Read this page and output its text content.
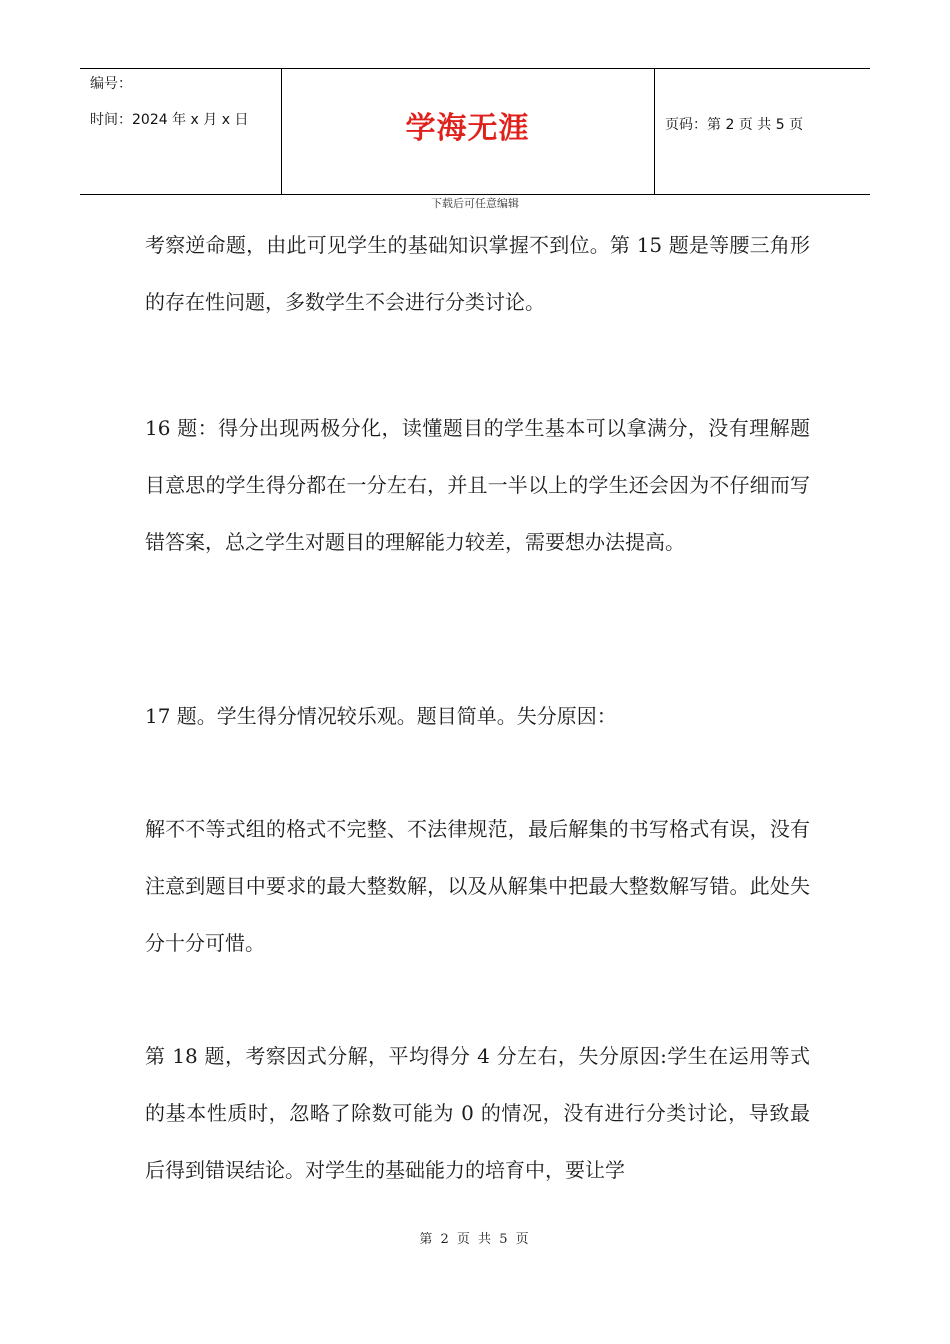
编号：
时间：2024 年 x 月 x 日	学海无涯	页码：第 2 页 共 5 页
下载后可任意编辑

考察逆命题，由此可见学生的基础知识掌握不到位。第 15 题是等腰三角形的存在性问题，多数学生不会进行分类讨论。

16 题：得分出现两极分化，读懂题目的学生基本可以拿满分，没有理解题目意思的学生得分都在一分左右，并且一半以上的学生还会因为不仔细而写错答案，总之学生对题目的理解能力较差，需要想办法提高。

17 题。学生得分情况较乐观。题目简单。失分原因：

解不不等式组的格式不完整、不法律规范，最后解集的书写格式有误，没有注意到题目中要求的最大整数解，以及从解集中把最大整数解写错。此处失分十分可惜。

第 18 题，考察因式分解，平均得分 4 分左右，失分原因:学生在运用等式的基本性质时，忽略了除数可能为 0 的情况，没有进行分类讨论，导致最后得到错误结论。对学生的基础能力的培育中，要让学

第 2 页 共 5 页
